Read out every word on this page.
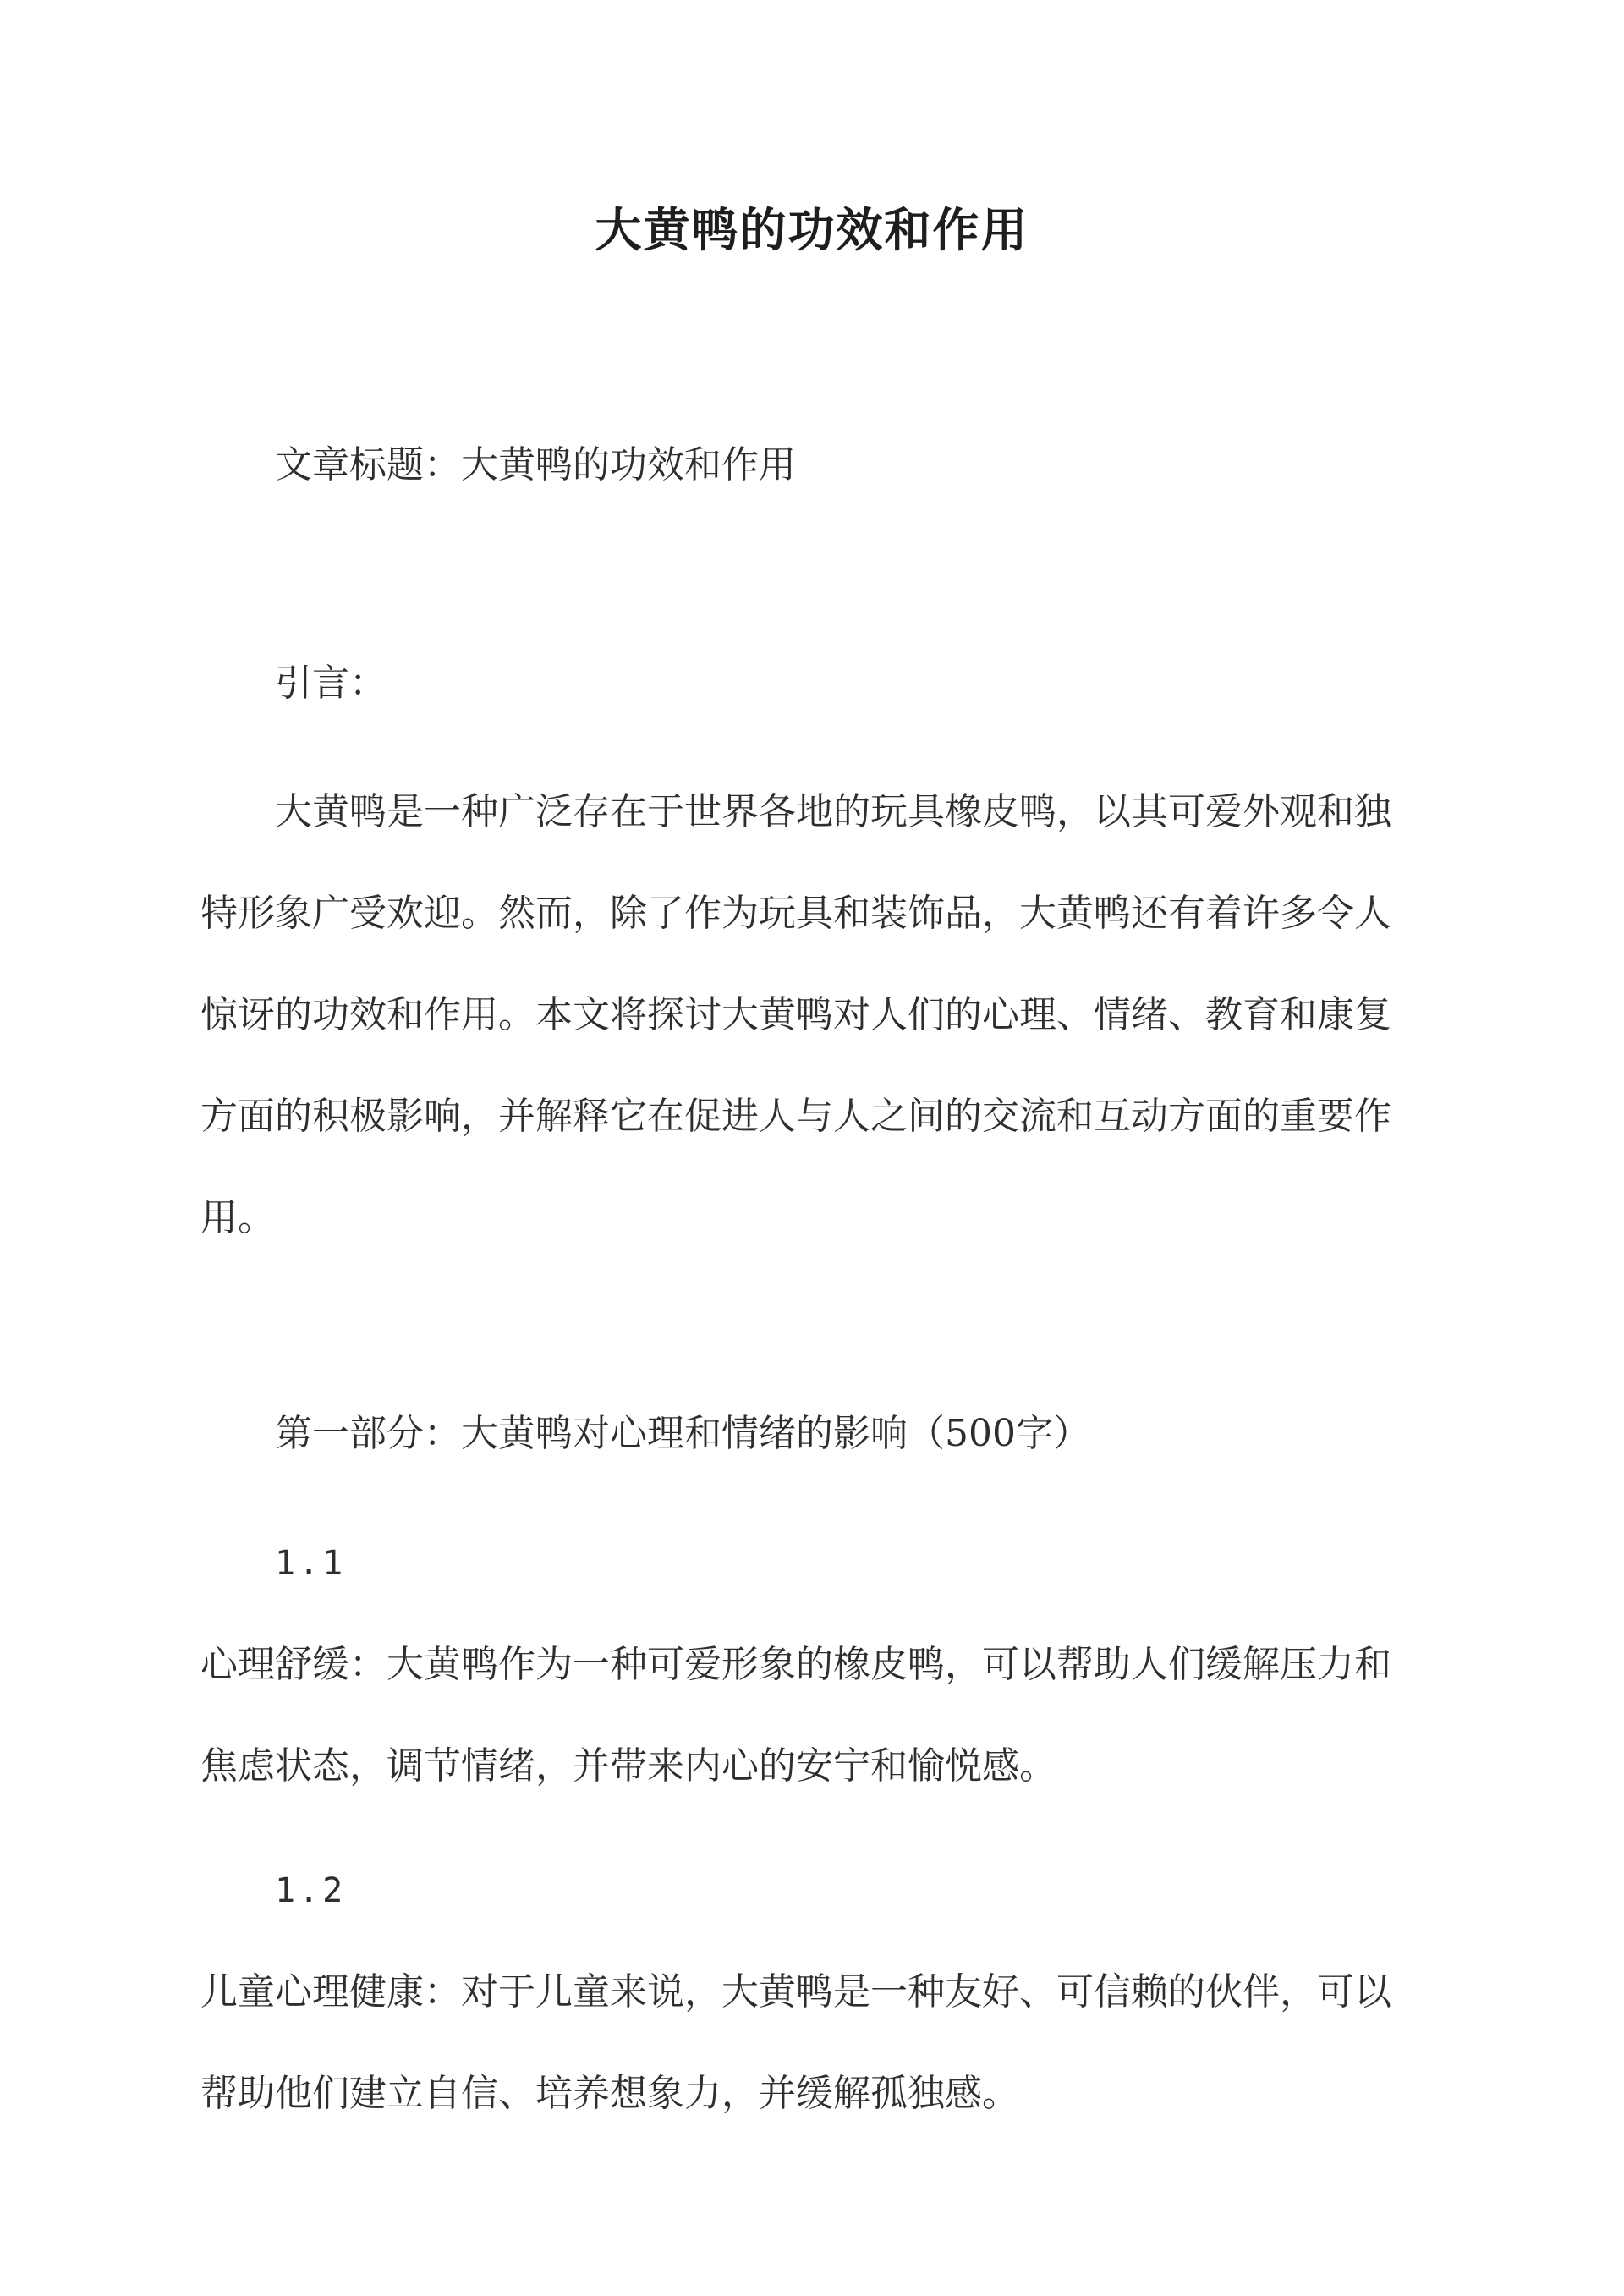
大黄鸭的功效和作用

文章标题：大黄鸭的功效和作用

引言：

大黄鸭是一种广泛存在于世界各地的玩具橡皮鸭，以其可爱外观和独

特形象广受欢迎。然而，除了作为玩具和装饰品，大黄鸭还有着许多令人

惊讶的功效和作用。本文将探讨大黄鸭对人们的心理、情绪、教育和康复

方面的积极影响，并解释它在促进人与人之间的交流和互动方面的重要作

用。

第一部分：大黄鸭对心理和情绪的影响（500字）

1.1

心理舒缓：大黄鸭作为一种可爱形象的橡皮鸭，可以帮助人们缓解压力和

焦虑状态，调节情绪，并带来内心的安宁和愉悦感。

1.2

儿童心理健康：对于儿童来说，大黄鸭是一种友好、可信赖的伙伴，可以

帮助他们建立自信、培养想象力，并缓解孤独感。
